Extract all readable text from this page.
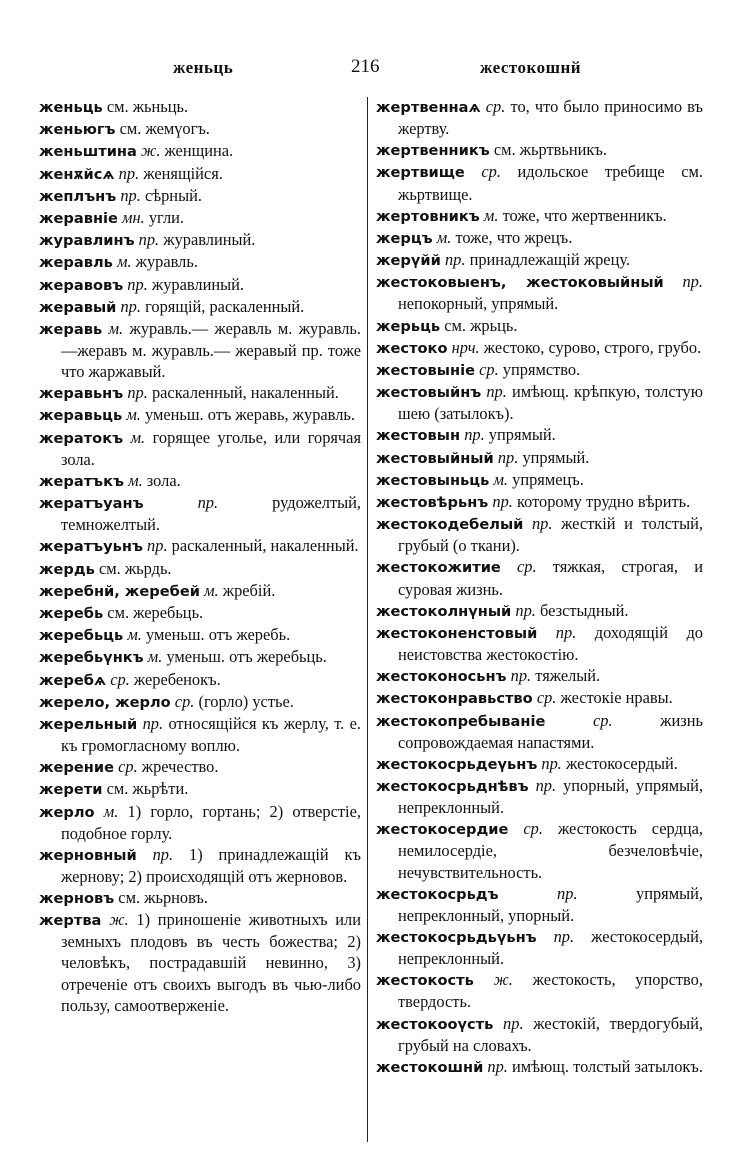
женьць	216	жестокошнй
женьць см. жьньць.
женьюгъ см. жемүогъ.
женьштина ж. женщина.
женѫйсѧ пр. женящійся.
жеплънъ пр. сѣрный.
жерaвніе мн. угли.
журавлинъ пр. журавлиный.
жеравль м. журавль.
жерaвовъ пр. журавлиный.
жеравый пр. горящій, раскаленный.
жеравь м. журавль.— жеравль м. журавль.—жеравъ м. журавль.— жеравый пр. тоже что жаржавый.
жеравьнъ пр. раскаленный, накаленный.
жеравьць м. уменьш. отъ жеравь, журавль.
жератокъ м. горящее уголье, или горячая зола.
жератъкъ м. зола.
жератъуанъ	пр.	рудожелтый, темножелтый.
жератъуьнъ пр. раскаленный, накаленный.
жердь см. жьрдь.
жеребнй, жеребей м. жребій.
жеребь см. жеребьць.
жеребьць м. уменьш. отъ жеребь.
жеребьүнкъ м. уменьш. отъ жеребьць.
жеребѧ ср. жеребенокъ.
жерело, жерло ср. (горло) устье.
жерельный пр. относящійся къ жерлу, т. е. къ громогласному воплю.
жерение ср. жречество.
жерети см. жьрѣти.
жерло м. 1) горло, гортань; 2) отверстіе, подобное горлу.
жерновный пр. 1) принадлежащій къ жернову; 2) происходящій отъ жерновов.
жерновъ см. жьрновъ.
жертва ж. 1) приношеніе животныхъ или земныхъ плодовъ въ честь божества; 2) человѣкъ, пострадавшій невинно, 3) отреченіе отъ своихъ выгодъ въ чью-либо пользу, самоотверженіе.
жертвеннаѧ ср. то, что было приносимо въ жертву.
жертвенникъ см. жьртвьникъ.
жертвище ср. идольское требище см. жьртвище.
жертовникъ м. тоже, что жертвенникъ.
жерцъ м. тоже, что жрецъ.
жерүйй пр. принадлежащій жрецу.
жестоковыенъ, жестоковыйный пр. непокорный, упрямый.
жерьць см. жрьць.
жестоко нрч. жестоко, сурово, строго, грубо.
жестовыніе ср. упрямство.
жестовыйнъ пр. имѣющ. крѣпкую, толстую шею (затылокъ).
жестовын пр. упрямый.
жестовыйный пр. упрямый.
жестовыньць м. упрямецъ.
жестовѣрьнъ пр. которому трудно вѣрить.
жестокодебелый пр. жесткій и толстый, грубый (о ткани).
жестокожитие ср. тяжкая, строгая, и суровая жизнь.
жестоколнүный пр. безстыдный.
жестоконенстовый пр. доходящій до неистовства жестокостію.
жестоконосьнъ пр. тяжелый.
жестоконравьство ср. жестокіе нравы.
жестокопребываніе	ср.	жизнь сопровождаемая напастями.
жестокосрьдеүьнъ пр. жестокосердый.
жестокосрьднѣвъ пр. упорный, упрямый, непреклонный.
жестокосердие ср. жестокость сердца, немилосердіе, безчеловѣчіе, нечувствительность.
жестокосрьдъ	пр.	упрямый, непреклонный, упорный.
жестокосрьдьүьнъ пр. жестокосердый, непреклонный.
жестокость ж. жестокость, упорство, твердость.
жестокооүсть пр. жестокій, твердогубый, грубый на словахъ.
жестокошнй пр. имѣющ. толстый затылокъ.
